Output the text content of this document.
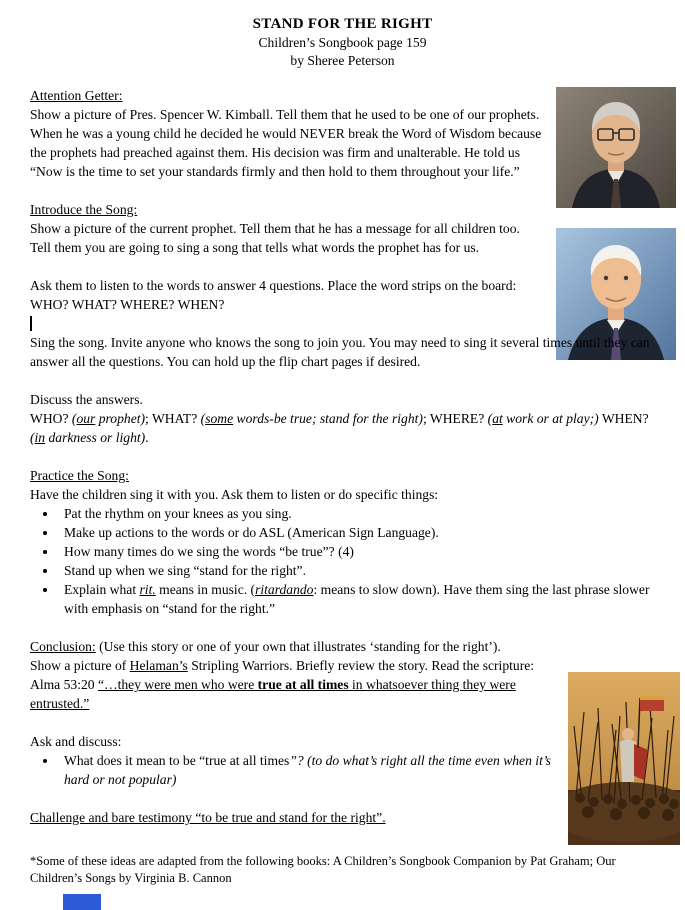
STAND FOR THE RIGHT
Children’s Songbook page 159
by Sheree Peterson
Attention Getter:

Show a picture of Pres. Spencer W. Kimball. Tell them that he used to be one of our prophets. When he was a young child he decided he would NEVER break the Word of Wisdom because the prophets had preached against them. His decision was firm and unalterable. He told us “Now is the time to set your standards firmly and then hold to them throughout your life.”

Introduce the Song:

Show a picture of the current prophet. Tell them that he has a message for all children too. Tell them you are going to sing a song that tells what words the prophet has for us.

Ask them to listen to the words to answer 4 questions. Place the word strips on the board: WHO? WHAT? WHERE? WHEN?

Sing the song. Invite anyone who knows the song to join you. You may need to sing it several times until they can answer all the questions. You can hold up the flip chart pages if desired.

Discuss the answers.

WHO? (our prophet); WHAT? (some words-be true; stand for the right); WHERE? (at work or at play;) WHEN? (in darkness or light).

Practice the Song:
Have the children sing it with you. Ask them to listen or do specific things:
• Pat the rhythm on your knees as you sing.
• Make up actions to the words or do ASL (American Sign Language).
• How many times do we sing the words “be true”? (4)
• Stand up when we sing “stand for the right”.
• Explain what rit. means in music. (ritardando: means to slow down). Have them sing the last phrase slower with emphasis on “stand for the right.”
Conclusion: (Use this story or one of your own that illustrates ‘standing for the right’).

Show a picture of Helaman’s Stripling Warriors. Briefly review the story. Read the scripture: Alma 53:20 “…they were men who were true at all times in whatsoever thing they were entrusted.”

Ask and discuss:
• What does it mean to be “true at all times”? (to do what’s right all the time even when it’s hard or not popular)
Challenge and bare testimony “to be true and stand for the right”.

*Some of these ideas are adapted from the following books: A Children’s Songbook Companion by Pat Graham; Our Children’s Songs by Virginia B. Cannon
